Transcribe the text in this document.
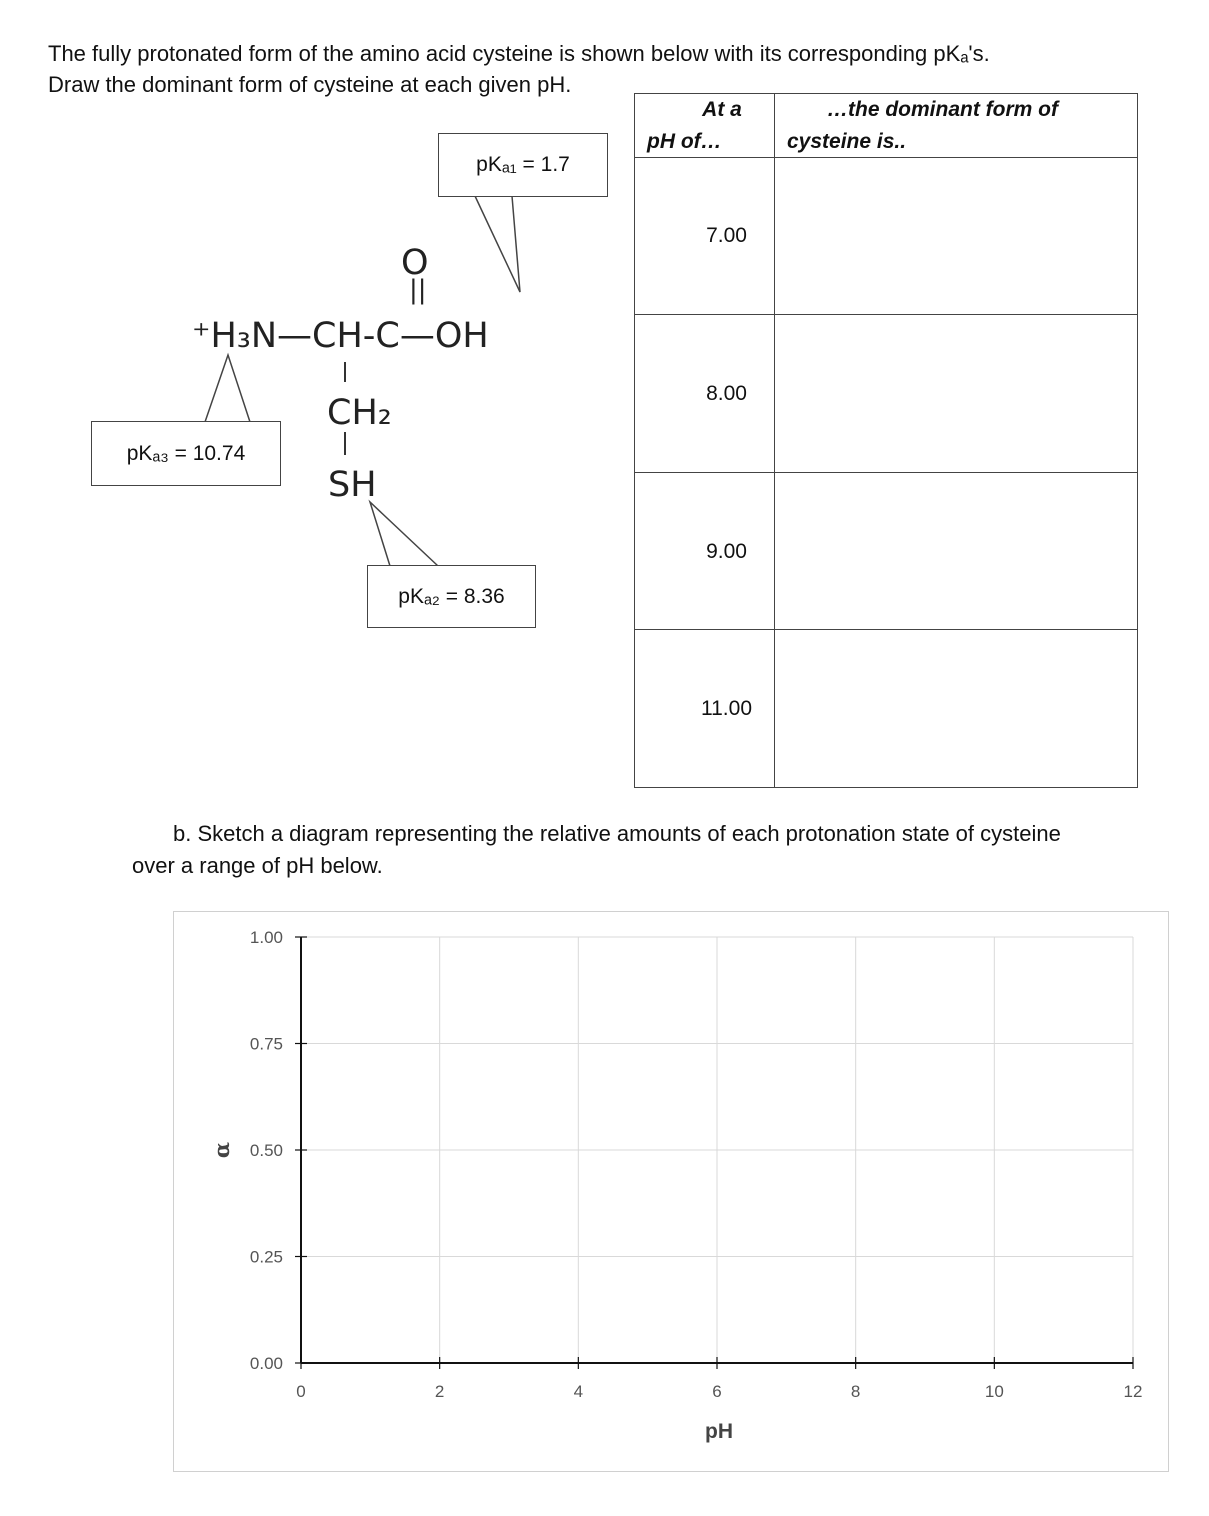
The fully protonated form of the amino acid cysteine is shown below with its corresponding pKₐ's.
Draw the dominant form of cysteine at each given pH.
O
||
⁺H₃N—CH-C—OH
CH₂
SH
pKₐ₁ = 1.7
pKₐ₃ = 10.74
pKₐ₂ = 8.36
At a
pH of…
…the dominant form of
cysteine is..
7.00
8.00
9.00
11.00
b. Sketch a diagram representing the relative amounts of each protonation state of cysteine
over a range of pH below.
0	2	4	6	8	10	12
0.00
0.25
0.50
0.75
1.00
pH
α
